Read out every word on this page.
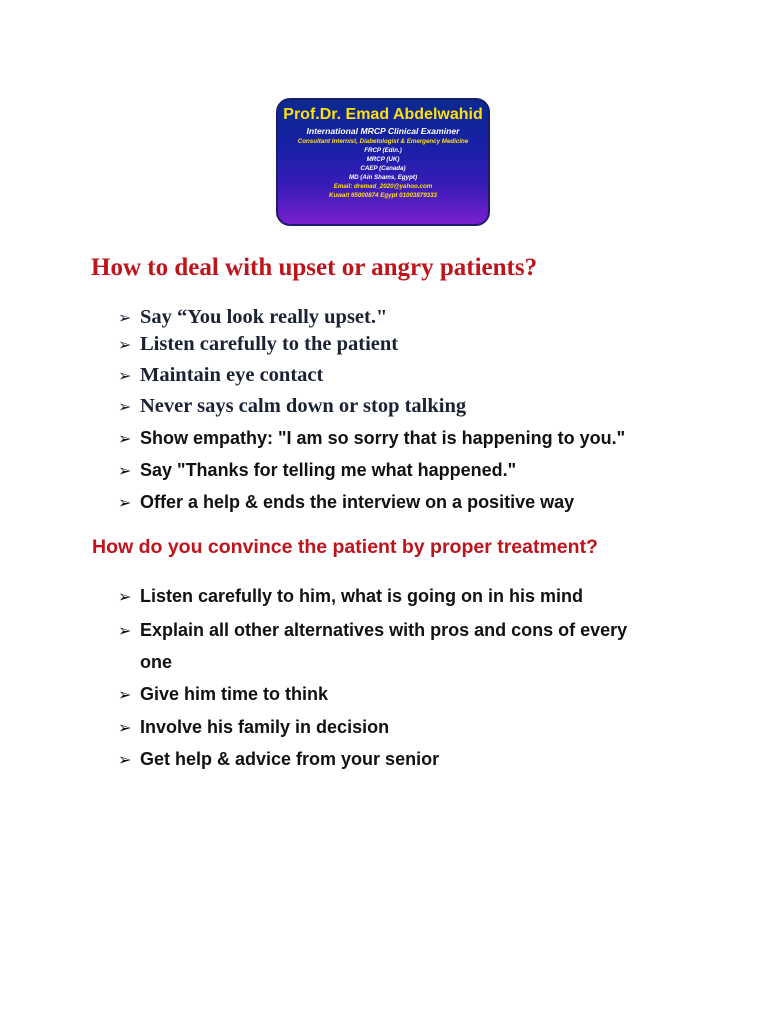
Prof.Dr. Emad Abdelwahid
International MRCP Clinical Examiner
Consultant Internist, Diabetologist & Emergency Medicine
FRCP (Edin.)
MRCP (UK)
CAEP (Canada)
MD (Ain Shams, Egypt)
Email: dremad_2020@yahoo.com
Kuwait 65000874 Egypt 01003879333
How to deal with upset or angry patients?
➢ Say “You look really upset."
➢ Listen carefully to the patient
➢ Maintain eye contact
➢ Never says calm down or stop talking
➢ Show empathy: "I am so sorry that is happening to you."
➢ Say "Thanks for telling me what happened."
➢ Offer a help & ends the interview on a positive way
How do you convince the patient by proper treatment?
➢ Listen carefully to him, what is going on in his mind
➢ Explain all other alternatives with pros and cons of every
➢ Give him time to think
➢ Involve his family in decision
➢ Get help & advice from your senior
one
